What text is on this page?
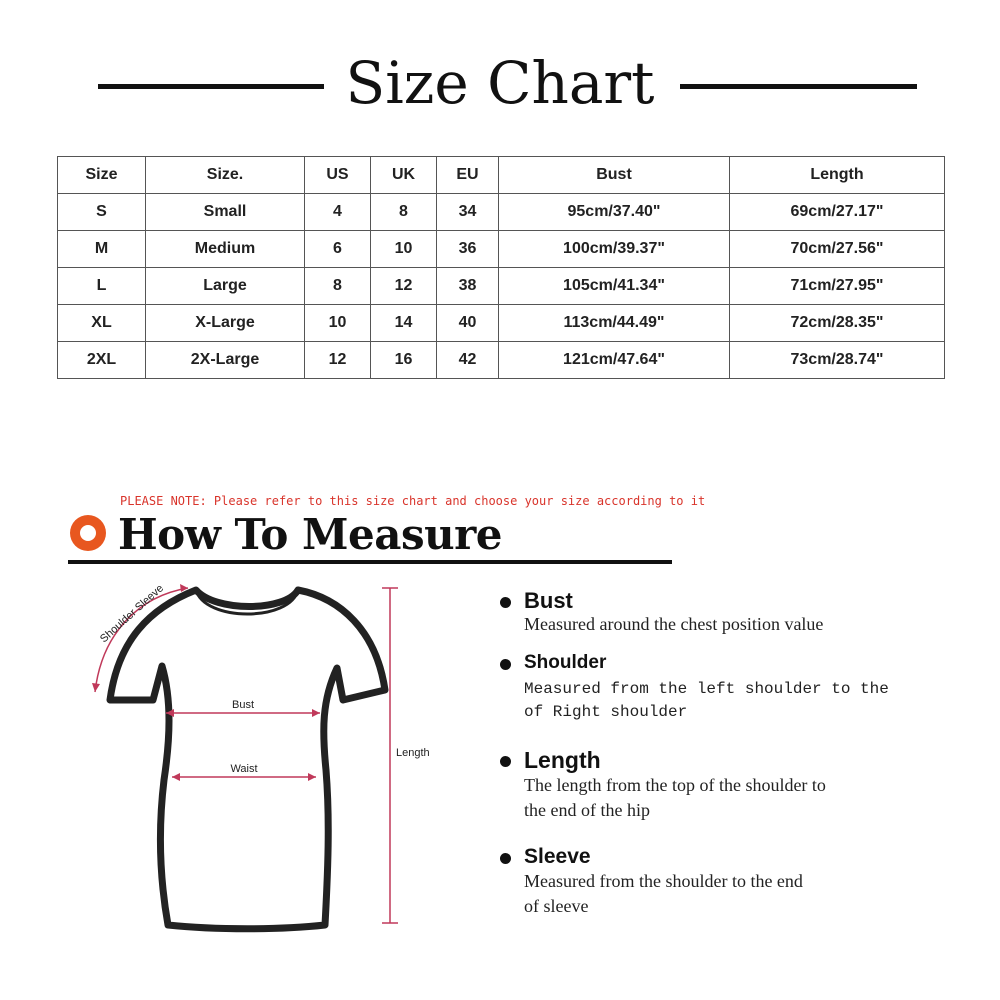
Size Chart
Size	Size.	US	UK	EU	Bust	Length
S	Small	4	8	34	95cm/37.40"	69cm/27.17"
M	Medium	6	10	36	100cm/39.37"	70cm/27.56"
L	Large	8	12	38	105cm/41.34"	71cm/27.95"
XL	X-Large	10	14	40	113cm/44.49"	72cm/28.35"
2XL	2X-Large	12	16	42	121cm/47.64"	73cm/28.74"
PLEASE NOTE: Please refer to this size chart and choose your size according to it
How To Measure
Shoulder Sleeve
Bust
Waist
Length
Bust
Measured around the chest position value
Shoulder
Measured from the left shoulder to the
of Right shoulder
Length
The length from the top of the shoulder to
the end of the hip
Sleeve
Measured from the shoulder to the end
of sleeve
